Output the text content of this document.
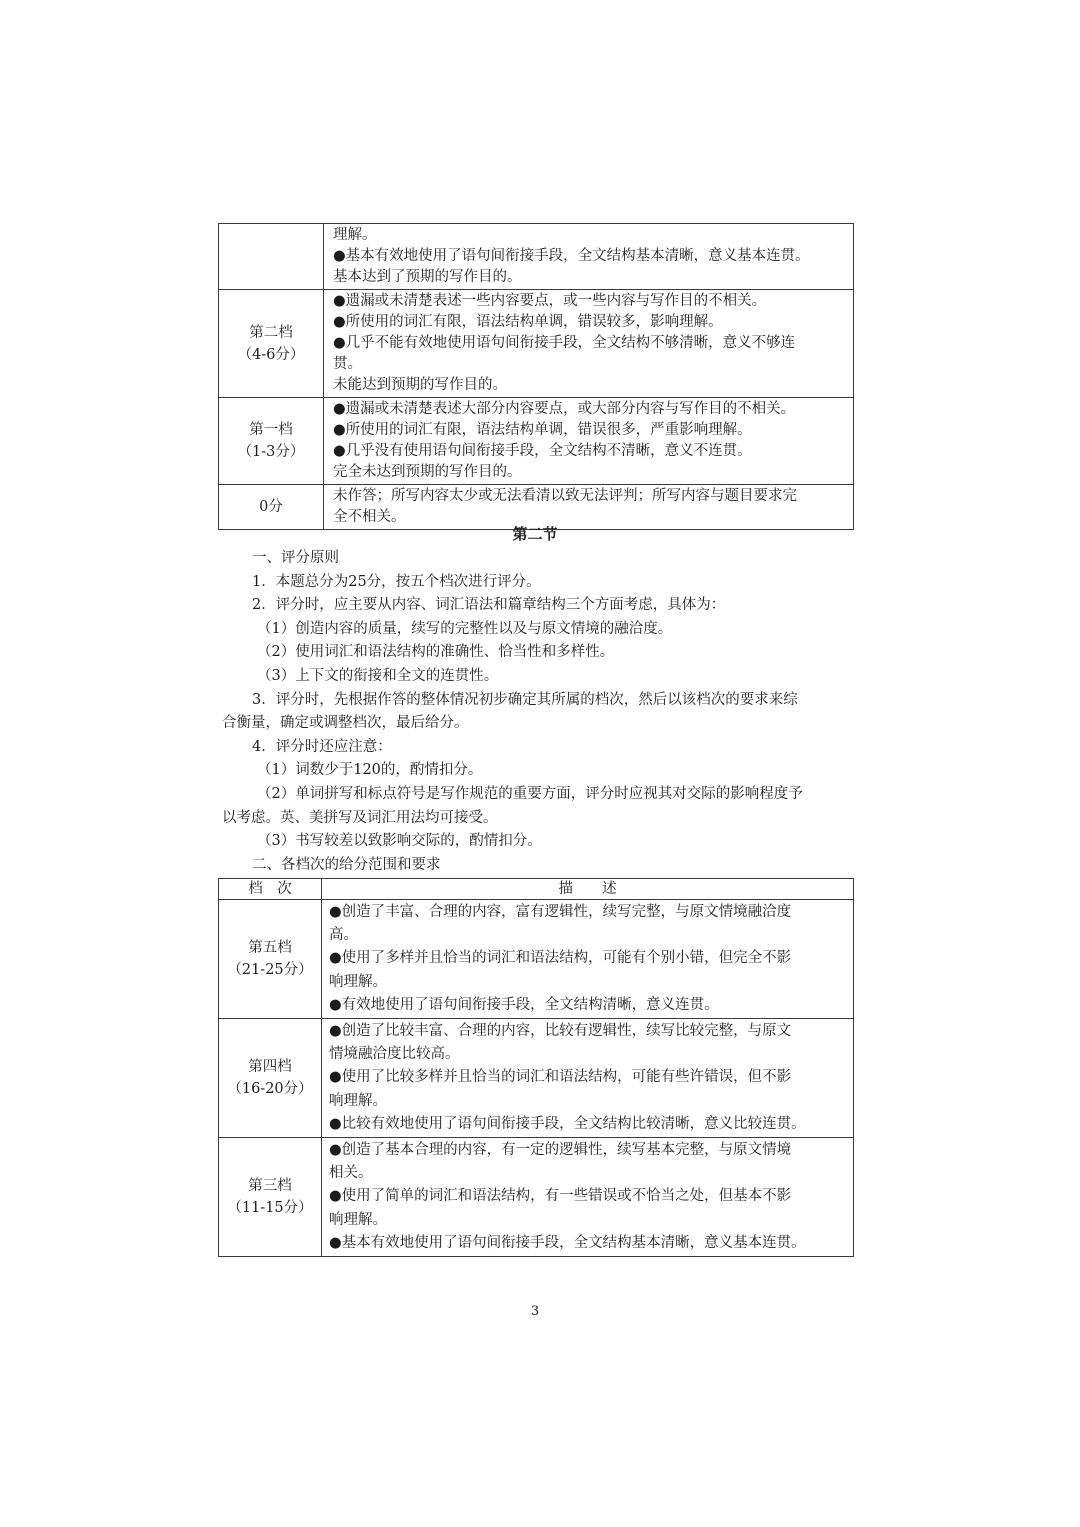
	理解。
●基本有效地使用了语句间衔接手段，全文结构基本清晰，意义基本连贯。
基本达到了预期的写作目的。

第二档
（4-6分）	●遗漏或未清楚表述一些内容要点，或一些内容与写作目的不相关。
●所使用的词汇有限，语法结构单调，错误较多，影响理解。
●几乎不能有效地使用语句间衔接手段，全文结构不够清晰，意义不够连
贯。
未能达到预期的写作目的。

第一档
（1-3分）	●遗漏或未清楚表述大部分内容要点，或大部分内容与写作目的不相关。
●所使用的词汇有限，语法结构单调，错误很多，严重影响理解。
●几乎没有使用语句间衔接手段，全文结构不清晰，意义不连贯。
完全未达到预期的写作目的。

0分	未作答；所写内容太少或无法看清以致无法评判；所写内容与题目要求完
全不相关。
第二节

一、评分原则

1．本题总分为25分，按五个档次进行评分。

2．评分时，应主要从内容、词汇语法和篇章结构三个方面考虑，具体为：

（1）创造内容的质量，续写的完整性以及与原文情境的融洽度。

（2）使用词汇和语法结构的准确性、恰当性和多样性。

（3）上下文的衔接和全文的连贯性。

3．评分时，先根据作答的整体情况初步确定其所属的档次，然后以该档次的要求来综

合衡量，确定或调整档次，最后给分。

4．评分时还应注意：

（1）词数少于120的，酌情扣分。

（2）单词拼写和标点符号是写作规范的重要方面，评分时应视其对交际的影响程度予

以考虑。英、美拼写及词汇用法均可接受。

（3）书写较差以致影响交际的，酌情扣分。

二、各档次的给分范围和要求

档　次	描　　述

第五档
（21-25分）	●创造了丰富、合理的内容，富有逻辑性，续写完整，与原文情境融洽度
高。
●使用了多样并且恰当的词汇和语法结构，可能有个别小错，但完全不影
响理解。
●有效地使用了语句间衔接手段，全文结构清晰，意义连贯。

第四档
（16-20分）	●创造了比较丰富、合理的内容，比较有逻辑性，续写比较完整，与原文
情境融洽度比较高。
●使用了比较多样并且恰当的词汇和语法结构，可能有些许错误，但不影
响理解。
●比较有效地使用了语句间衔接手段，全文结构比较清晰，意义比较连贯。

第三档
（11-15分）	●创造了基本合理的内容，有一定的逻辑性，续写基本完整，与原文情境
相关。
●使用了简单的词汇和语法结构，有一些错误或不恰当之处，但基本不影
响理解。
●基本有效地使用了语句间衔接手段，全文结构基本清晰，意义基本连贯。
3
